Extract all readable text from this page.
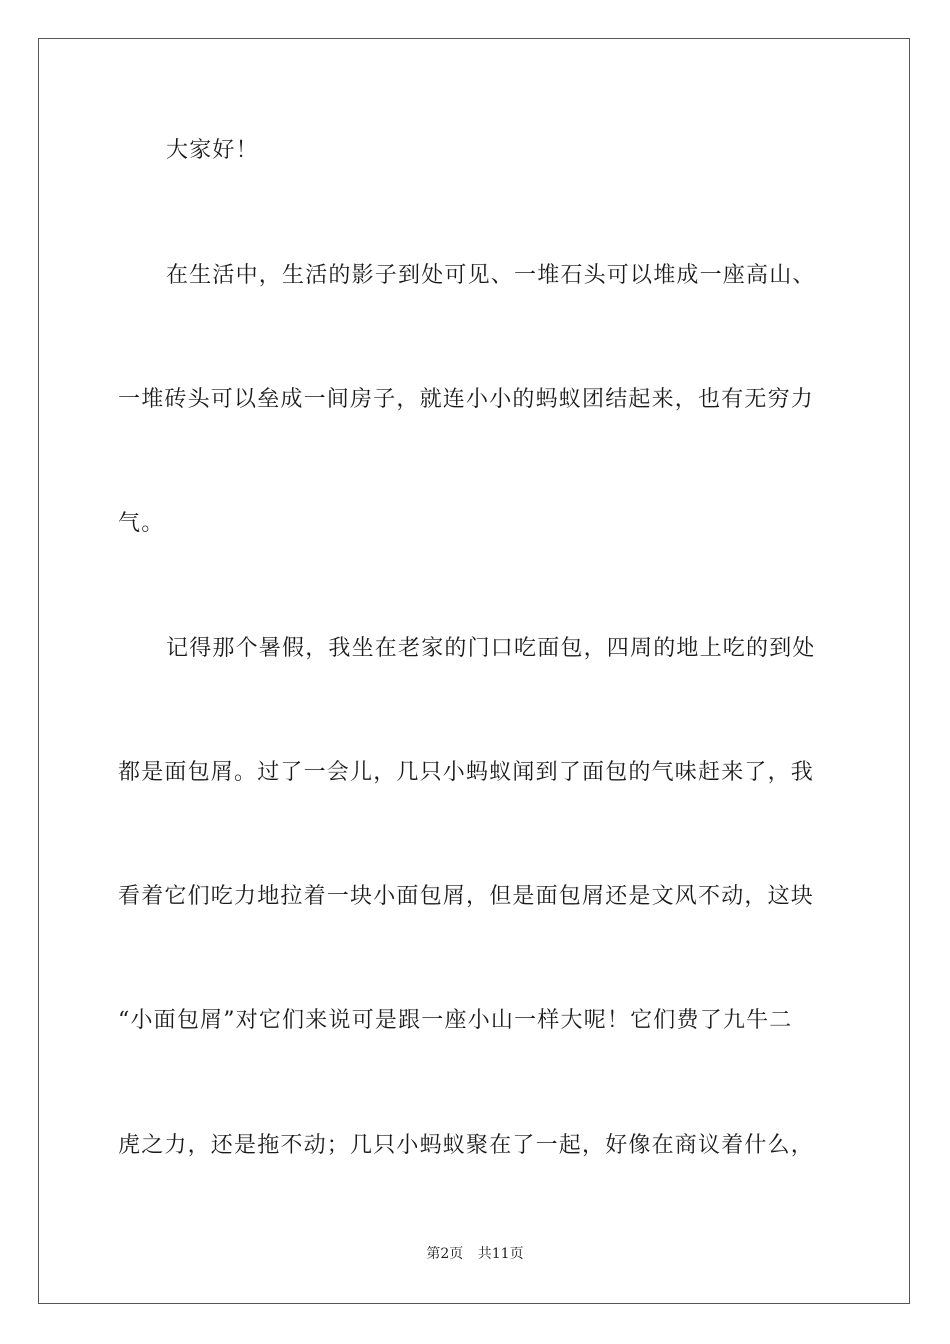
大家好！
在生活中，生活的影子到处可见、一堆石头可以堆成一座高山、
一堆砖头可以垒成一间房子，就连小小的蚂蚁团结起来，也有无穷力
气。
记得那个暑假，我坐在老家的门口吃面包，四周的地上吃的到处
都是面包屑。过了一会儿，几只小蚂蚁闻到了面包的气味赶来了，我
看着它们吃力地拉着一块小面包屑，但是面包屑还是文风不动，这块
“小面包屑”对它们来说可是跟一座小山一样大呢！它们费了九牛二
虎之力，还是拖不动；几只小蚂蚁聚在了一起，好像在商议着什么，
第2页 共11页
